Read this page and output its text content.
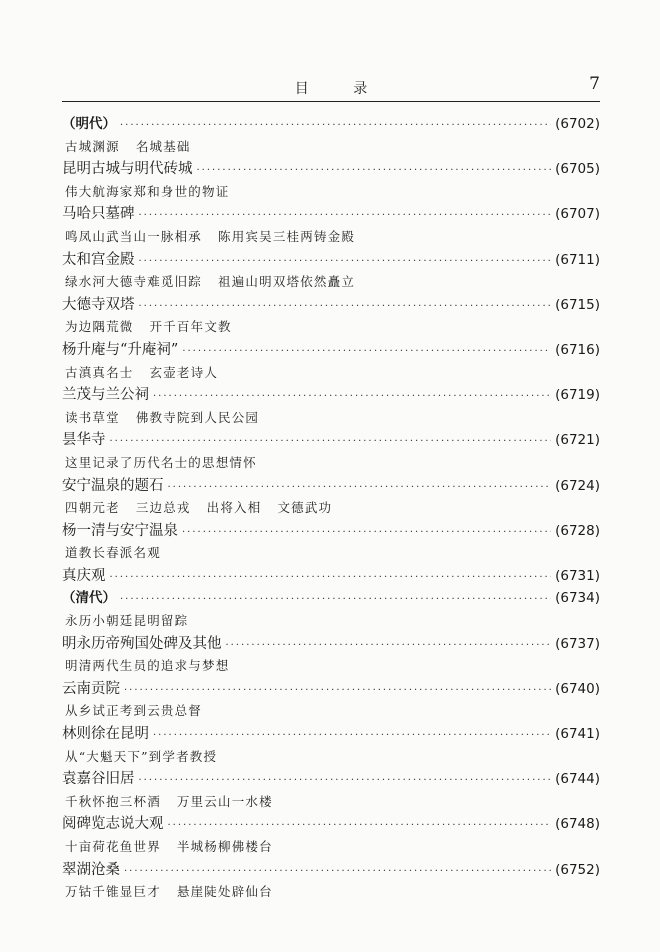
目 录	7
（明代） ·····	(6702)
古城渊源 名城基础
昆明古城与明代砖城 ·····	(6705)
伟大航海家郑和身世的物证
马哈只墓碑 ·····	(6707)
鸣凤山武当山一脉相承 陈用宾吴三桂两铸金殿
太和宫金殿 ·····	(6711)
绿水河大德寺难觅旧踪 祖遍山明双塔依然矗立
大德寺双塔 ·····	(6715)
为边隅荒微 开千百年文教
杨升庵与“升庵祠” ·····	(6716)
古滇真名士 玄壶老诗人
兰茂与兰公祠 ·····	(6719)
读书草堂 佛教寺院到人民公园
昙华寺 ·····	(6721)
这里记录了历代名士的思想情怀
安宁温泉的题石 ·····	(6724)
四朝元老 三边总戎 出将入相 文德武功
杨一清与安宁温泉 ·····	(6728)
道教长春派名观
真庆观 ·····	(6731)
（清代） ·····	(6734)
永历小朝廷昆明留踪
明永历帝殉国处碑及其他 ·····	(6737)
明清两代生员的追求与梦想
云南贡院 ·····	(6740)
从乡试正考到云贵总督
林则徐在昆明 ·····	(6741)
从“大魁天下”到学者教授
袁嘉谷旧居 ·····	(6744)
千秋怀抱三杯酒 万里云山一水楼
阅碑览志说大观 ·····	(6748)
十亩荷花鱼世界 半城杨柳佛楼台
翠湖沧桑 ·····	(6752)
万钴千锥显巨才 悬崖陡处辟仙台
